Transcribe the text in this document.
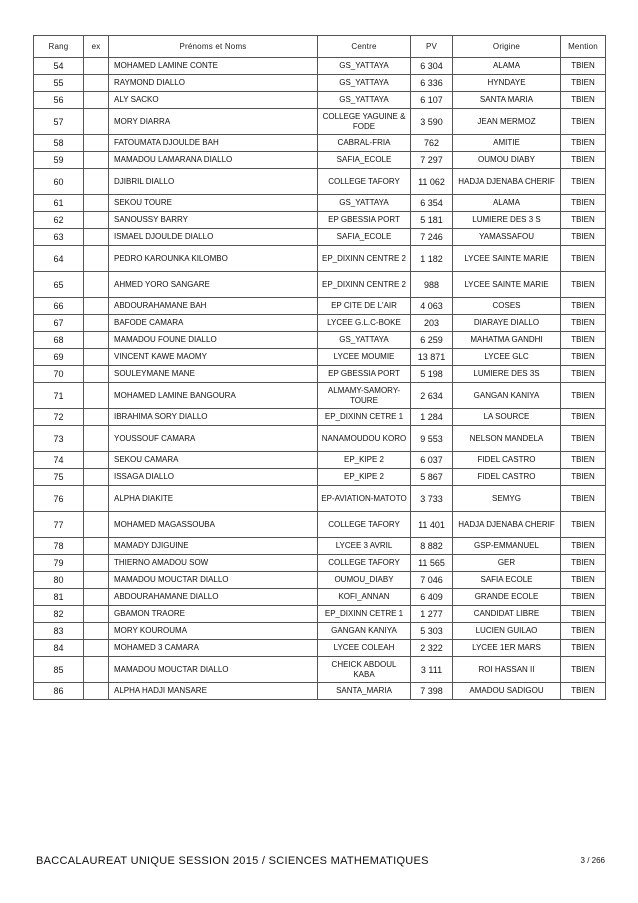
Rang	ex	Prénoms et Noms	Centre	PV	Origine	Mention
54		MOHAMED LAMINE CONTE	GS_YATTAYA	6 304	ALAMA	TBIEN
55		RAYMOND DIALLO	GS_YATTAYA	6 336	HYNDAYE	TBIEN
56		ALY SACKO	GS_YATTAYA	6 107	SANTA MARIA	TBIEN
57		MORY DIARRA	COLLEGE YAGUINE & FODE	3 590	JEAN MERMOZ	TBIEN
58		FATOUMATA DJOULDE BAH	CABRAL-FRIA	762	AMITIE	TBIEN
59		MAMADOU LAMARANA DIALLO	SAFIA_ECOLE	7 297	OUMOU DIABY	TBIEN
60		DJIBRIL DIALLO	COLLEGE TAFORY	11 062	HADJA DJENABA CHERIF	TBIEN
61		SEKOU TOURE	GS_YATTAYA	6 354	ALAMA	TBIEN
62		SANOUSSY BARRY	EP GBESSIA PORT	5 181	LUMIERE DES 3 S	TBIEN
63		ISMAEL DJOULDE DIALLO	SAFIA_ECOLE	7 246	YAMASSAFOU	TBIEN
64		PEDRO KAROUNKA KILOMBO	EP_DIXINN CENTRE 2	1 182	LYCEE SAINTE MARIE	TBIEN
65		AHMED YORO SANGARE	EP_DIXINN CENTRE 2	988	LYCEE SAINTE MARIE	TBIEN
66		ABDOURAHAMANE BAH	EP CITE DE L'AIR	4 063	COSES	TBIEN
67		BAFODE CAMARA	LYCEE G.L.C-BOKE	203	DIARAYE DIALLO	TBIEN
68		MAMADOU FOUNE DIALLO	GS_YATTAYA	6 259	MAHATMA GANDHI	TBIEN
69		VINCENT KAWE MAOMY	LYCEE MOUMIE	13 871	LYCEE GLC	TBIEN
70		SOULEYMANE MANE	EP GBESSIA PORT	5 198	LUMIERE DES 3S	TBIEN
71		MOHAMED LAMINE BANGOURA	ALMAMY-SAMORY-TOURE	2 634	GANGAN KANIYA	TBIEN
72		IBRAHIMA SORY DIALLO	EP_DIXINN CETRE 1	1 284	LA SOURCE	TBIEN
73		YOUSSOUF CAMARA	NANAMOUDOU KORO	9 553	NELSON MANDELA	TBIEN
74		SEKOU CAMARA	EP_KIPE 2	6 037	FIDEL CASTRO	TBIEN
75		ISSAGA DIALLO	EP_KIPE 2	5 867	FIDEL CASTRO	TBIEN
76		ALPHA DIAKITE	EP-AVIATION-MATOTO	3 733	SEMYG	TBIEN
77		MOHAMED MAGASSOUBA	COLLEGE TAFORY	11 401	HADJA DJENABA CHERIF	TBIEN
78		MAMADY DJIGUINE	LYCEE 3 AVRIL	8 882	GSP-EMMANUEL	TBIEN
79		THIERNO AMADOU SOW	COLLEGE TAFORY	11 565	GER	TBIEN
80		MAMADOU MOUCTAR DIALLO	OUMOU_DIABY	7 046	SAFIA ECOLE	TBIEN
81		ABDOURAHAMANE DIALLO	KOFI_ANNAN	6 409	GRANDE ECOLE	TBIEN
82		GBAMON TRAORE	EP_DIXINN CETRE 1	1 277	CANDIDAT LIBRE	TBIEN
83		MORY KOUROUMA	GANGAN KANIYA	5 303	LUCIEN GUILAO	TBIEN
84		MOHAMED 3 CAMARA	LYCEE COLEAH	2 322	LYCEE 1ER MARS	TBIEN
85		MAMADOU MOUCTAR DIALLO	CHEICK ABDOUL KABA	3 111	ROI HASSAN II	TBIEN
86		ALPHA HADJI MANSARE	SANTA_MARIA	7 398	AMADOU SADIGOU	TBIEN
BACCALAUREAT UNIQUE SESSION 2015 / SCIENCES MATHEMATIQUES	3 / 266
